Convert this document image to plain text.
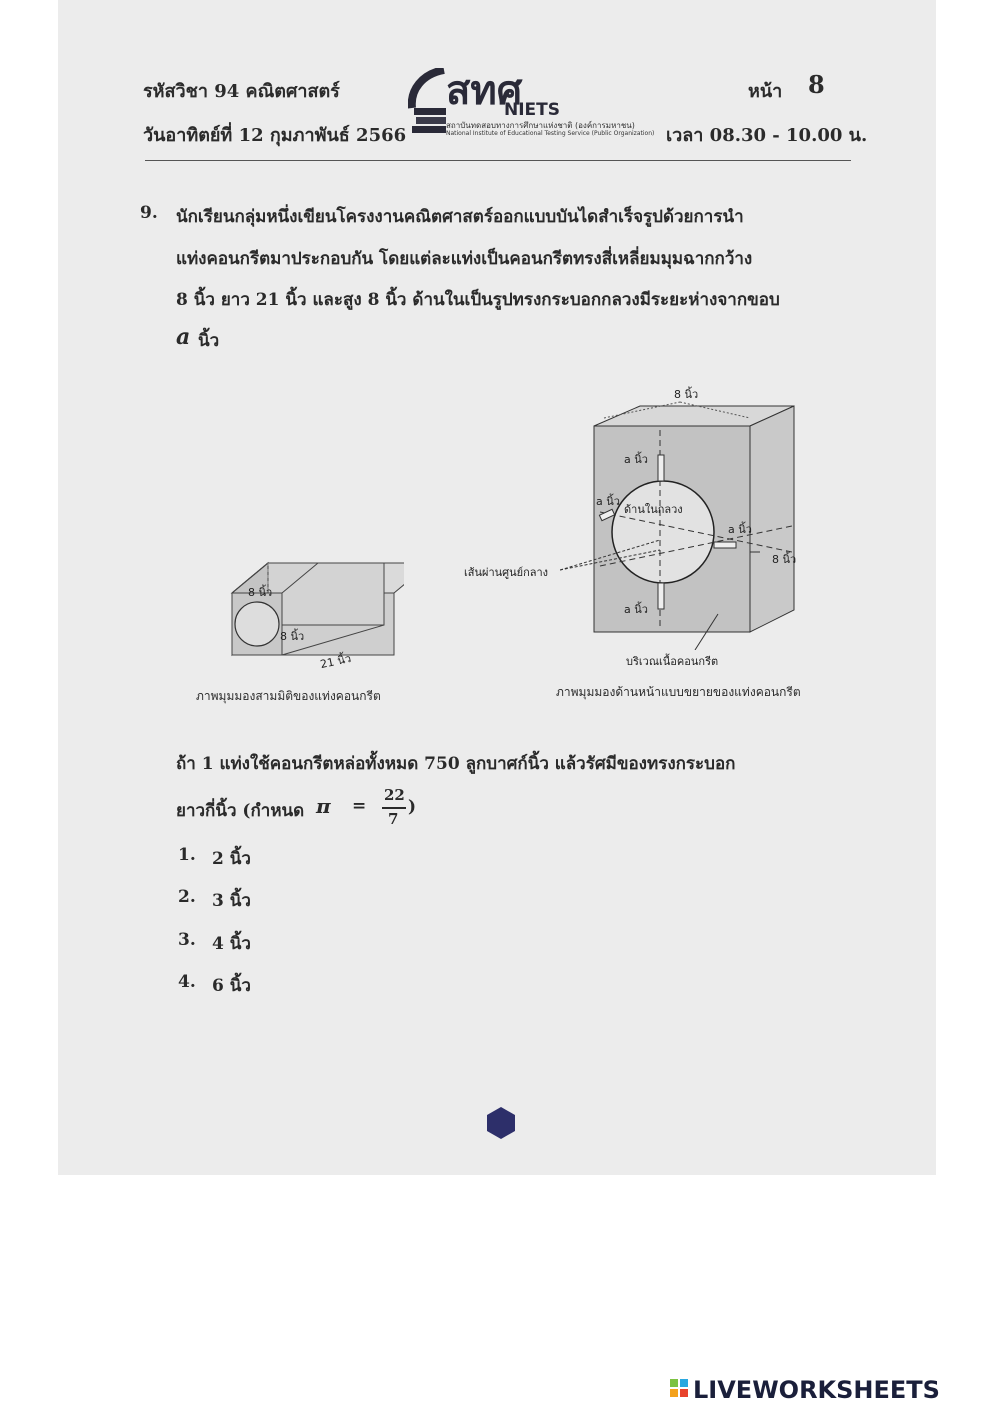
รหัสวิชา 94 คณิตศาสตร์
วันอาทิตย์ที่ 12 กุมภาพันธ์ 2566
หน้า 8
เวลา 08.30 - 10.00 น.
สทศ
NIETS
สถาบันทดสอบทางการศึกษาแห่งชาติ (องค์การมหาชน)
National Institute of Educational Testing Service (Public Organization)
9. นักเรียนกลุ่มหนึ่งเขียนโครงงานคณิตศาสตร์ออกแบบบันไดสำเร็จรูปด้วยการนำ
แท่งคอนกรีตมาประกอบกัน โดยแต่ละแท่งเป็นคอนกรีตทรงสี่เหลี่ยมมุมฉากกว้าง
8 นิ้ว ยาว 21 นิ้ว และสูง 8 นิ้ว ด้านในเป็นรูปทรงกระบอกกลวงมีระยะห่างจากขอบ
a นิ้ว
8 นิ้ว
8 นิ้ว
21 นิ้ว
ภาพมุมมองสามมิติของแท่งคอนกรีต
8 นิ้ว
a นิ้ว
a นิ้ว
ด้านในกลวง
a นิ้ว
8 นิ้ว
เส้นผ่านศูนย์กลาง
a นิ้ว
บริเวณเนื้อคอนกรีต
ภาพมุมมองด้านหน้าแบบขยายของแท่งคอนกรีต
ถ้า 1 แท่งใช้คอนกรีตหล่อทั้งหมด 750 ลูกบาศก์นิ้ว แล้วรัศมีของทรงกระบอก
ยาวกี่นิ้ว (กำหนด π =
22
7
)
1. 2 นิ้ว
2. 3 นิ้ว
3. 4 นิ้ว
4. 6 นิ้ว
LIVEWORKSHEETS
